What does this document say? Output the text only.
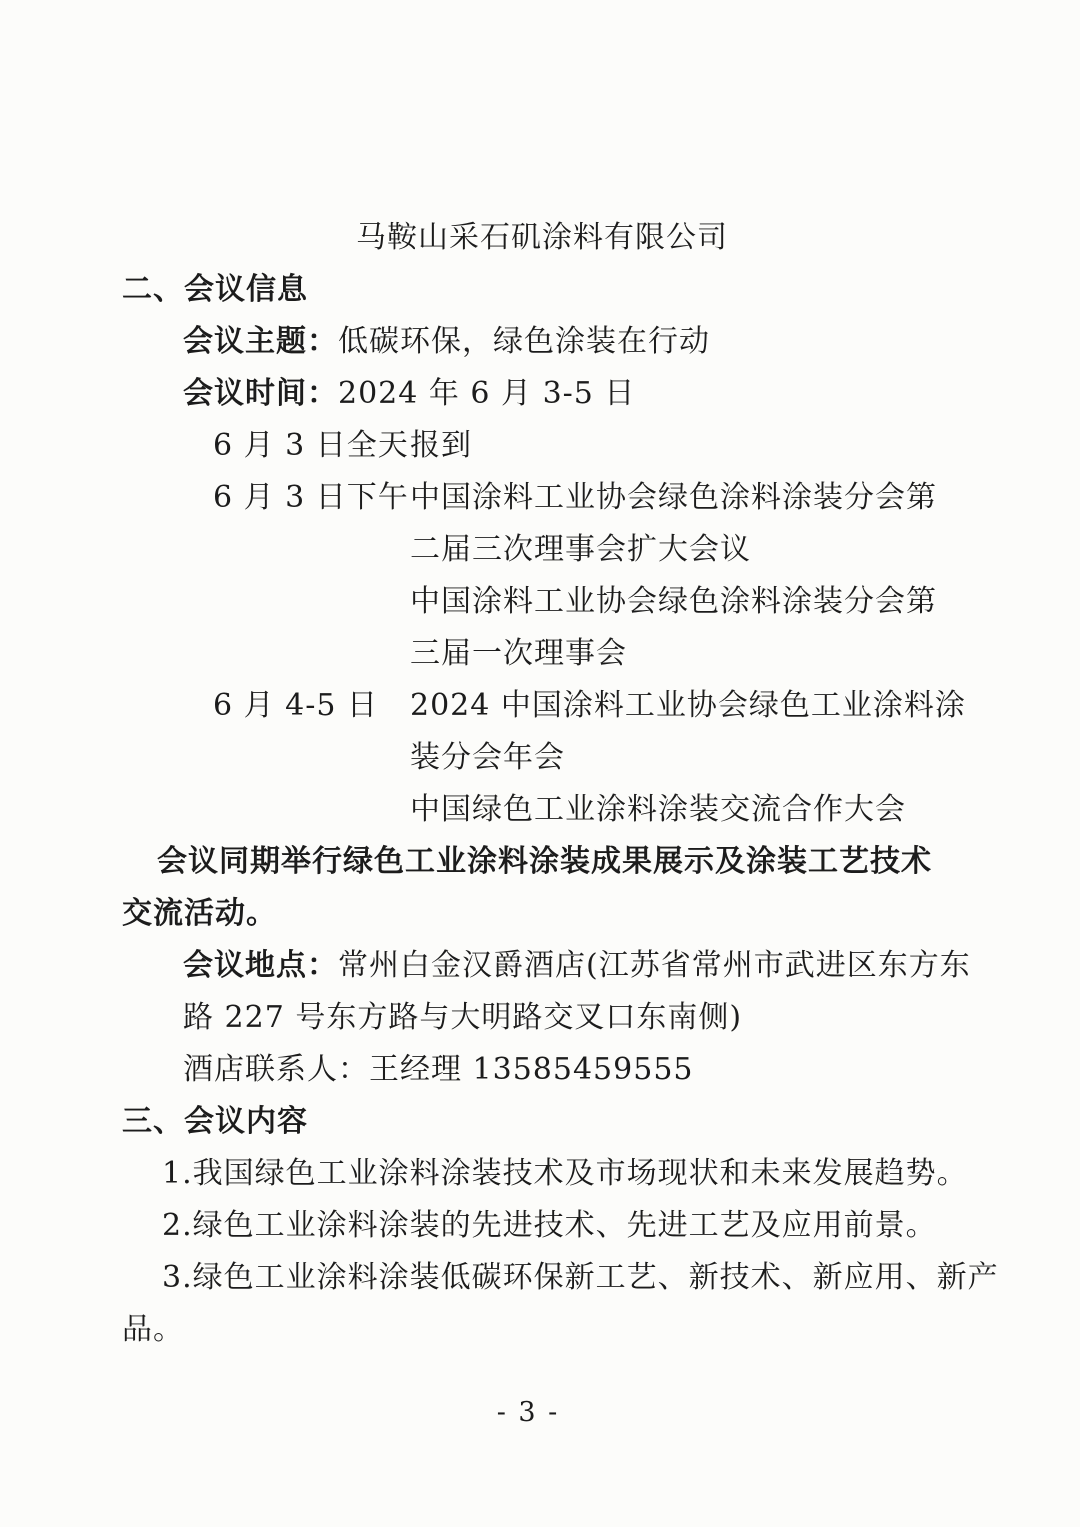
马鞍山采石矶涂料有限公司
二、会议信息
会议主题：低碳环保，绿色涂装在行动
会议时间：2024 年 6 月 3-5 日
6 月 3 日全天报到
6 月 3 日下午中国涂料工业协会绿色涂料涂装分会第
二届三次理事会扩大会议
中国涂料工业协会绿色涂料涂装分会第
三届一次理事会
6 月 4-5 日 2024 中国涂料工业协会绿色工业涂料涂
装分会年会
中国绿色工业涂料涂装交流合作大会
会议同期举行绿色工业涂料涂装成果展示及涂装工艺技术
交流活动。
会议地点：常州白金汉爵酒店(江苏省常州市武进区东方东
路 227 号东方路与大明路交叉口东南侧)
酒店联系人：王经理 13585459555
三、会议内容
1.我国绿色工业涂料涂装技术及市场现状和未来发展趋势。
2.绿色工业涂料涂装的先进技术、先进工艺及应用前景。
3.绿色工业涂料涂装低碳环保新工艺、新技术、新应用、新产
品。
- 3 -
